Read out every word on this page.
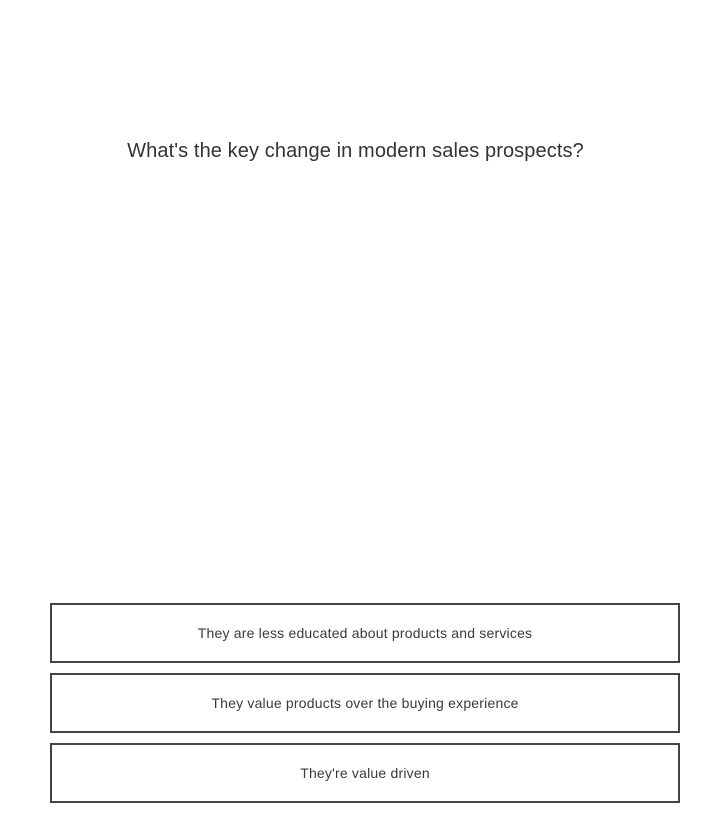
What's the key change in modern sales prospects?
They are less educated about products and services
They value products over the buying experience
They're value driven
